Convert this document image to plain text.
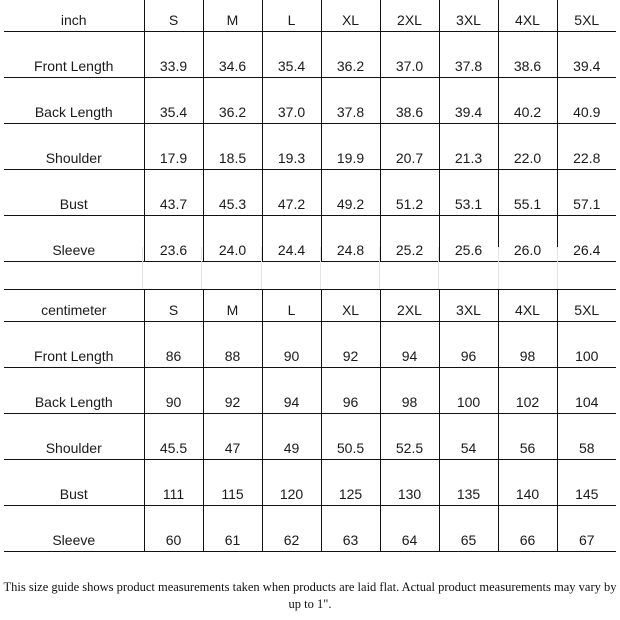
inch	S	M	L	XL	2XL	3XL	4XL	5XL
Front Length	33.9	34.6	35.4	36.2	37.0	37.8	38.6	39.4
Back Length	35.4	36.2	37.0	37.8	38.6	39.4	40.2	40.9
Shoulder	17.9	18.5	19.3	19.9	20.7	21.3	22.0	22.8
Bust	43.7	45.3	47.2	49.2	51.2	53.1	55.1	57.1
Sleeve	23.6	24.0	24.4	24.8	25.2	25.6	26.0	26.4
centimeter	S	M	L	XL	2XL	3XL	4XL	5XL
Front Length	86	88	90	92	94	96	98	100
Back Length	90	92	94	96	98	100	102	104
Shoulder	45.5	47	49	50.5	52.5	54	56	58
Bust	111	115	120	125	130	135	140	145
Sleeve	60	61	62	63	64	65	66	67
This size guide shows product measurements taken when products are laid flat. Actual product measurements may vary by up to 1".
